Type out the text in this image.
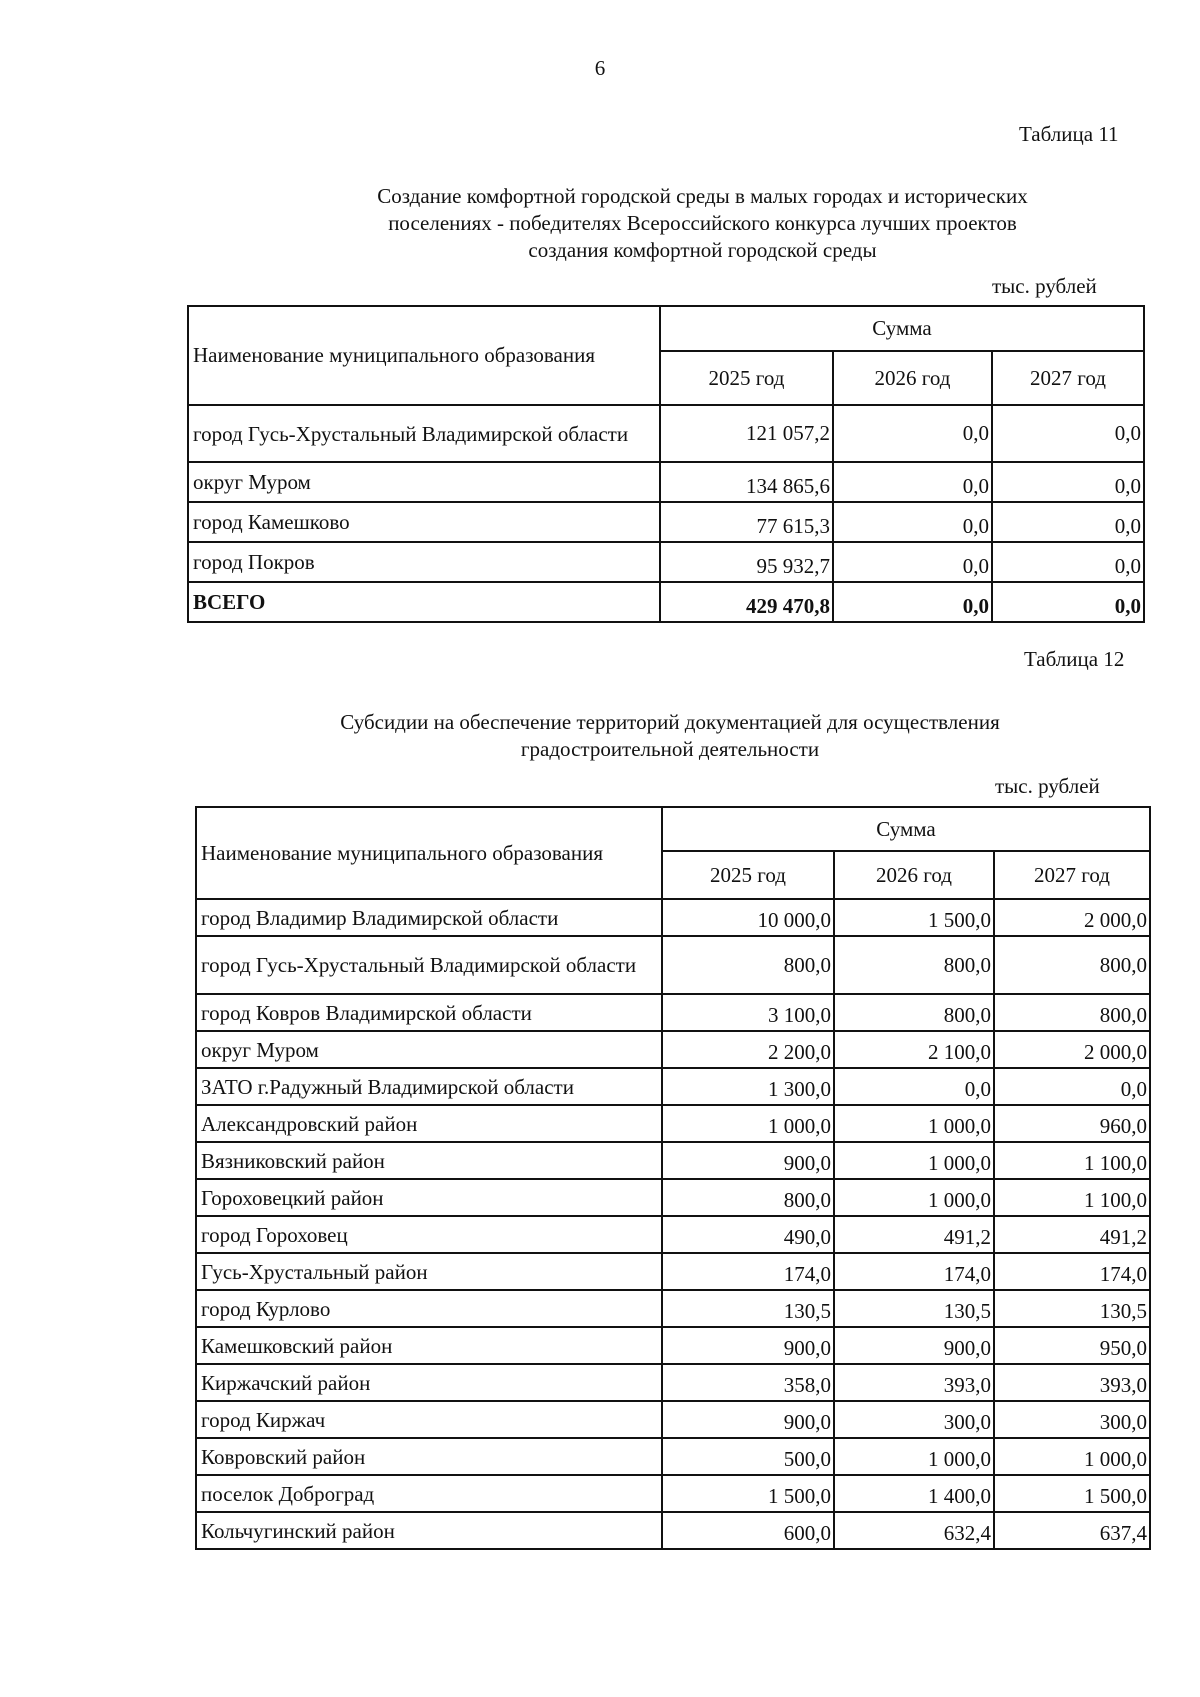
6
Таблица 11
Создание комфортной городской среды в малых городах и исторических
поселениях - победителях Всероссийского конкурса лучших проектов
создания комфортной городской среды
тыс. рублей
Наименование муниципального образования	Сумма		
	2025 год	2026 год	2027 год
город Гусь-Хрустальный Владимирской области	121 057,2	0,0	0,0
округ Муром	134 865,6	0,0	0,0
город Камешково	77 615,3	0,0	0,0
город Покров	95 932,7	0,0	0,0
ВСЕГО	429 470,8	0,0	0,0
Таблица 12
Субсидии на обеспечение территорий документацией для осуществления
градостроительной деятельности
тыс. рублей
Наименование муниципального образования	Сумма		
	2025 год	2026 год	2027 год
город Владимир Владимирской области	10 000,0	1 500,0	2 000,0
город Гусь-Хрустальный Владимирской области	800,0	800,0	800,0
город Ковров Владимирской области	3 100,0	800,0	800,0
округ Муром	2 200,0	2 100,0	2 000,0
ЗАТО г.Радужный Владимирской области	1 300,0	0,0	0,0
Александровский район	1 000,0	1 000,0	960,0
Вязниковский район	900,0	1 000,0	1 100,0
Гороховецкий район	800,0	1 000,0	1 100,0
город Гороховец	490,0	491,2	491,2
Гусь-Хрустальный район	174,0	174,0	174,0
город Курлово	130,5	130,5	130,5
Камешковский район	900,0	900,0	950,0
Киржачский район	358,0	393,0	393,0
город Киржач	900,0	300,0	300,0
Ковровский район	500,0	1 000,0	1 000,0
поселок Доброград	1 500,0	1 400,0	1 500,0
Кольчугинский район	600,0	632,4	637,4
